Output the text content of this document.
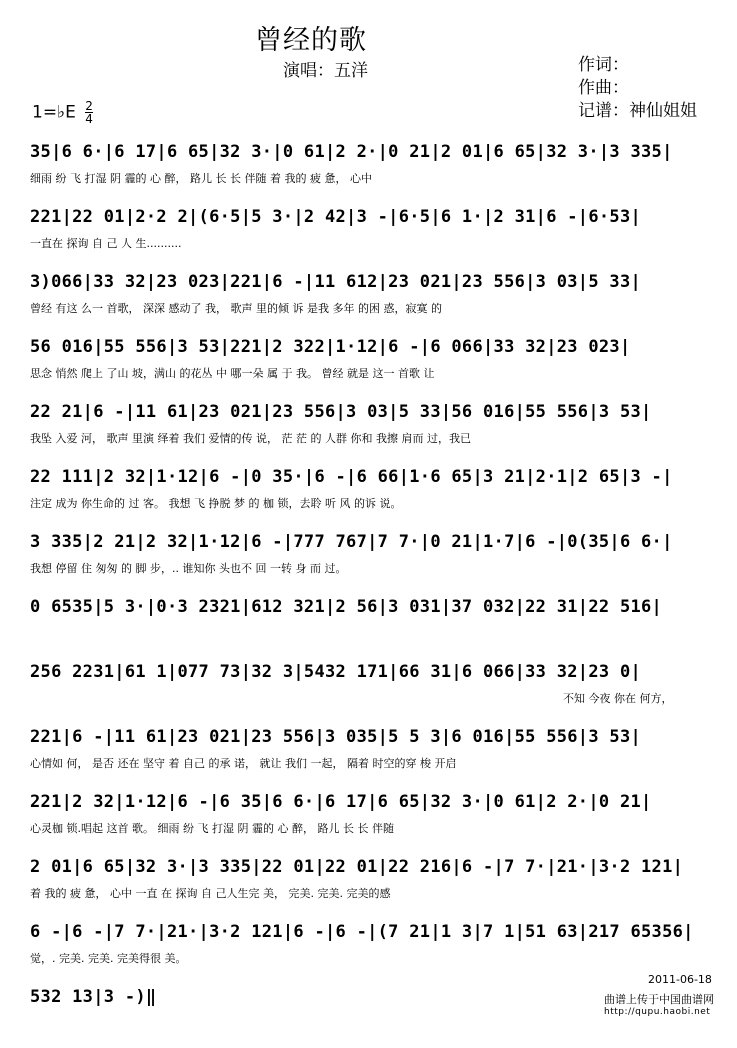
曾经的歌
演唱：五洋	作词：
作曲：
记谱：神仙姐姐
1=♭E $\frac{2}{4}$
35|6 6·|6 17|6 65|32 3·|0 61|2 2·|0 21|2 01|6 65|32 3·|3 335|
细雨 纷 飞 打湿 阴 霾的 心 醉， 路儿 长 长 伴随 着 我的 疲 惫， 心中
221|22 01|2·2 2|(6·5|5 3·|2 42|3 -|6·5|6 1·|2 31|6 -|6·53|
一直在 探询 自 己 人 生..........
3)066|33 32|23 023|221|6 -|11 612|23 021|23 556|3 03|5 33|
曾经 有这 么一 首歌， 深深 感动了 我， 歌声 里的倾 诉 是我 多年 的困 惑，寂寞 的
56 016|55 556|3 53|221|2 322|1·12|6 -|6 066|33 32|23 023|
思念 悄然 爬上 了山 坡，满山 的花丛 中 哪一朵 属 于 我。 曾经 就是 这一 首歌 让
22 21|6 -|11 61|23 021|23 556|3 03|5 33|56 016|55 556|3 53|
我坠 入爱 河， 歌声 里演 绎着 我们 爱情的传 说， 茫 茫 的 人群 你和 我擦 肩而 过，我已
22 111|2 32|1·12|6 -|0 35·|6 -|6 66|1·6 65|3 21|2·1|2 65|3 -|
注定 成为 你生命的 过 客。 我想 飞 挣脱 梦 的 枷 锁，去聆 听 风 的诉 说。
3 335|2 21|2 32|1·12|6 -|777 767|7 7·|0 21|1·7|6 -|0(35|6 6·|
我想 停留 住 匆匆 的 脚 步，.. 谁知你 头也不 回 一转 身 而 过。
0 6535|5 3·|0·3 2321|612 321|2 56|3 031|37 032|22 31|22 516|
256 2231|61 1|077 73|32 3|5432 171|66 31|6 066|33 32|23 0|
不知 今夜 你在 何方，
221|6 -|11 61|23 021|23 556|3 035|5 5 3|6 016|55 556|3 53|
心情如 何， 是否 还在 坚守 着 自己 的承 诺， 就让 我们 一起， 隔着 时空的穿 梭 开启
221|2 32|1·12|6 -|6 35|6 6·|6 17|6 65|32 3·|0 61|2 2·|0 21|
心灵枷 锁.唱起 这首 歌。 细雨 纷 飞 打湿 阴 霾的 心 醉， 路儿 长 长 伴随
2 01|6 65|32 3·|3 335|22 01|22 01|22 216|6 -|7 7·|21·|3·2 121|
着 我的 疲 惫， 心中 一直 在 探询 自 己人生完 美， 完美. 完美. 完美的感
6 -|6 -|7 7·|21·|3·2 121|6 -|6 -|(7 21|1 3|7 1|51 63|217 65356|
觉，. 完美. 完美. 完美得很 美。
532 13|3 -)‖
2011-06-18
曲谱上传于中国曲谱网
http://qupu.haobi.net
